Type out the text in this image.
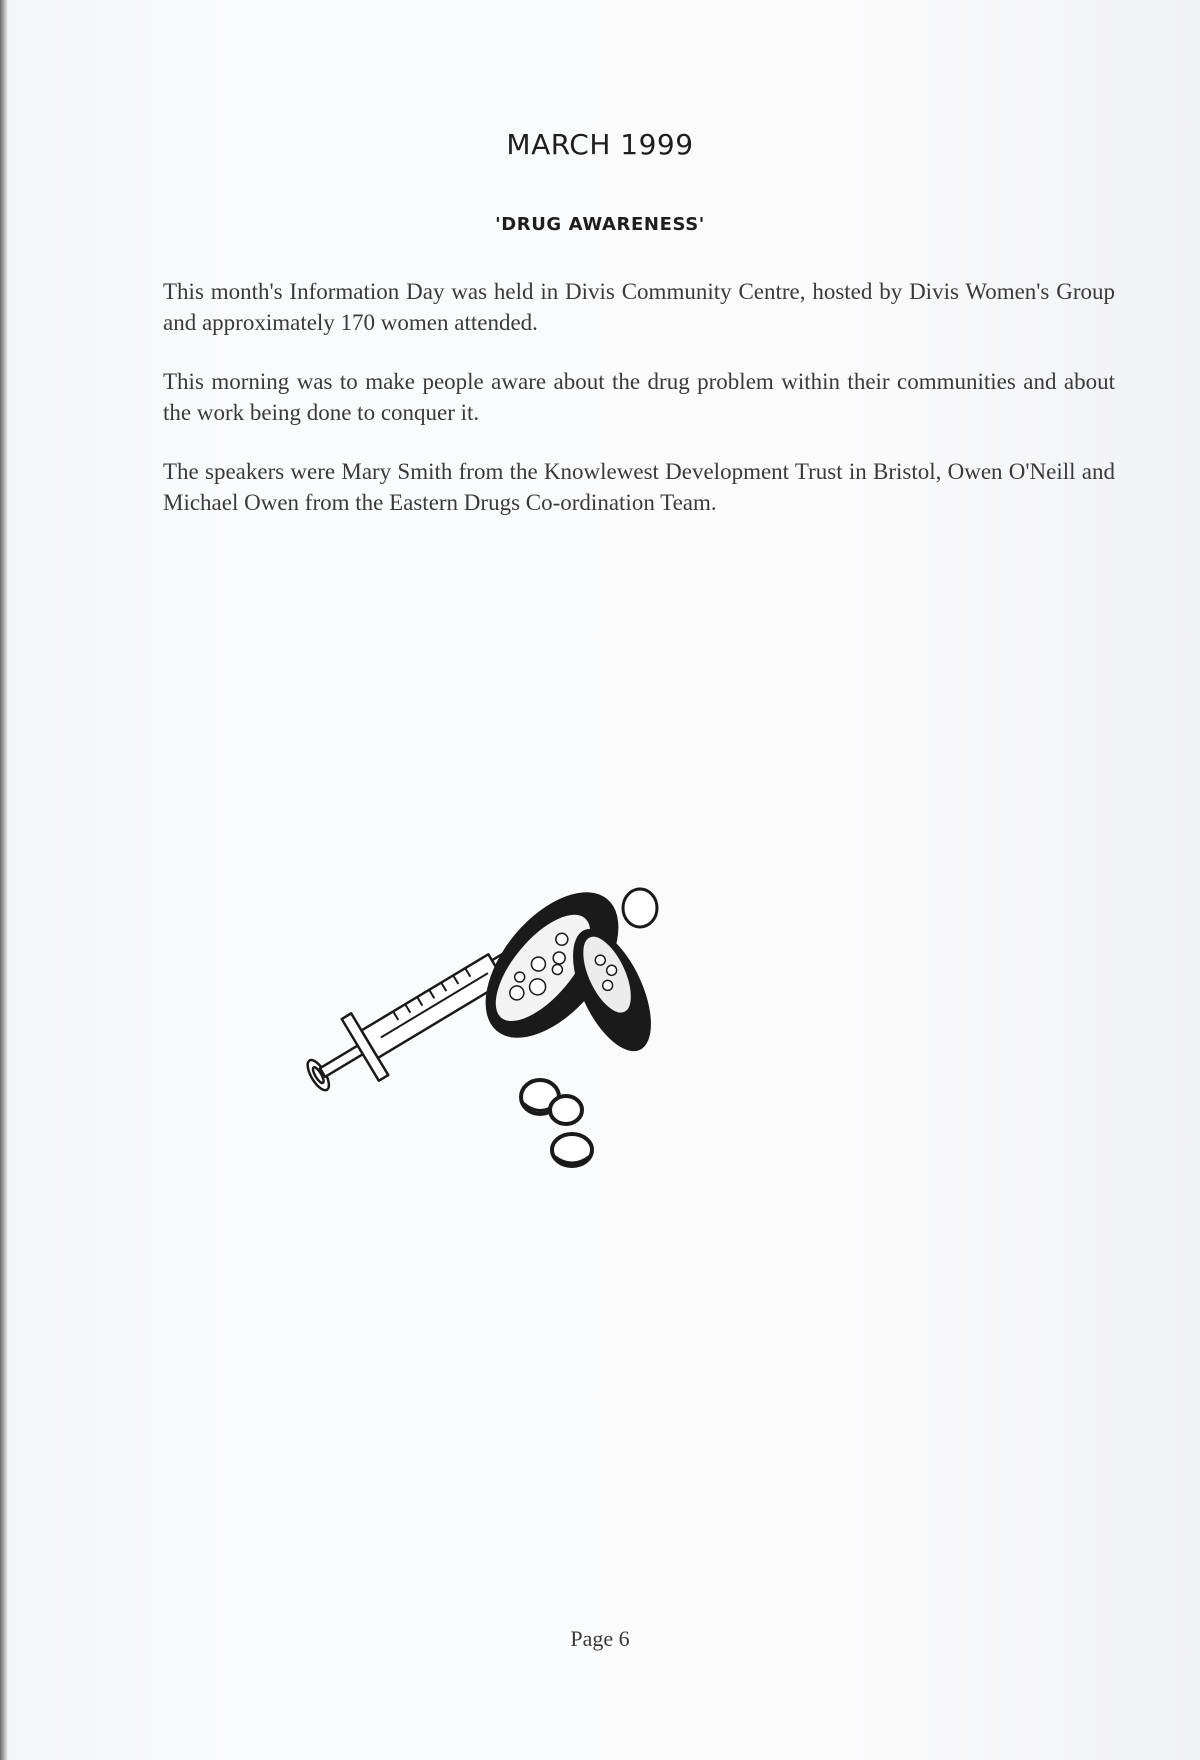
MARCH 1999
'DRUG AWARENESS'

This month's Information Day was held in Divis Community Centre, hosted by Divis Women's Group and approximately 170 women attended.

This morning was to make people aware about the drug problem within their communities and about the work being done to conquer it.

The speakers were Mary Smith from the Knowlewest Development Trust in Bristol, Owen O'Neill and Michael Owen from the Eastern Drugs Co-ordination Team.

Page 6
